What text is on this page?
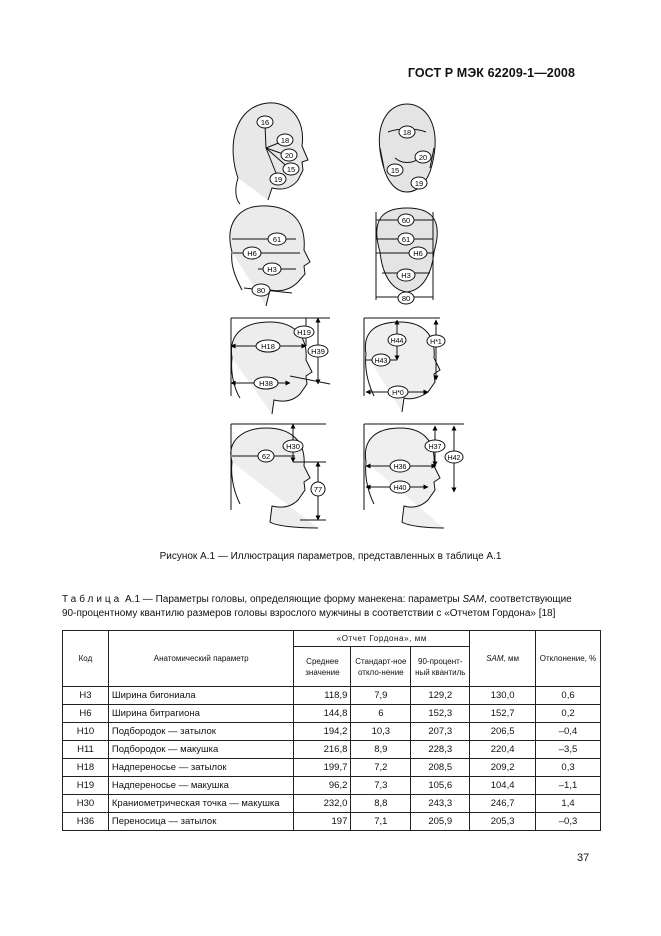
ГОСТ Р МЭК 62209-1—2008
16
18
20
15
19
18
20
15
19
61
H6
H3
80
60
61
H6
H3
80
H19
H18
H39
H38
H44	H*1
H43
H*0
H30
62
77
H37
H42
H36
H40
Рисунок А.1 — Иллюстрация параметров, представленных в таблице А.1
Таблица А.1 — Параметры головы, определяющие форму манекена: параметры SAM, соответствующие
90-процентному квантилю размеров головы взрослого мужчины в соответствии с «Отчетом Гордона» [18]
Код	Анатомический параметр	«Отчет Гордона», мм			SAM, мм	Отклонение, %
		Среднее значение	Стандарт-ное откло-нение	90-процент-ный квантиль		
H3	Ширина бигониала	118,9	7,9	129,2	130,0	0,6
H6	Ширина битрагиона	144,8	6	152,3	152,7	0,2
H10	Подбородок — затылок	194,2	10,3	207,3	206,5	–0,4
H11	Подбородок — макушка	216,8	8,9	228,3	220,4	–3,5
H18	Надпереносье — затылок	199,7	7,2	208,5	209,2	0,3
H19	Надпереносье — макушка	96,2	7,3	105,6	104,4	–1,1
H30	Краниометрическая точка — макушка	232,0	8,8	243,3	246,7	1,4
H36	Переносица — затылок	197	7,1	205,9	205,3	–0,3
37
